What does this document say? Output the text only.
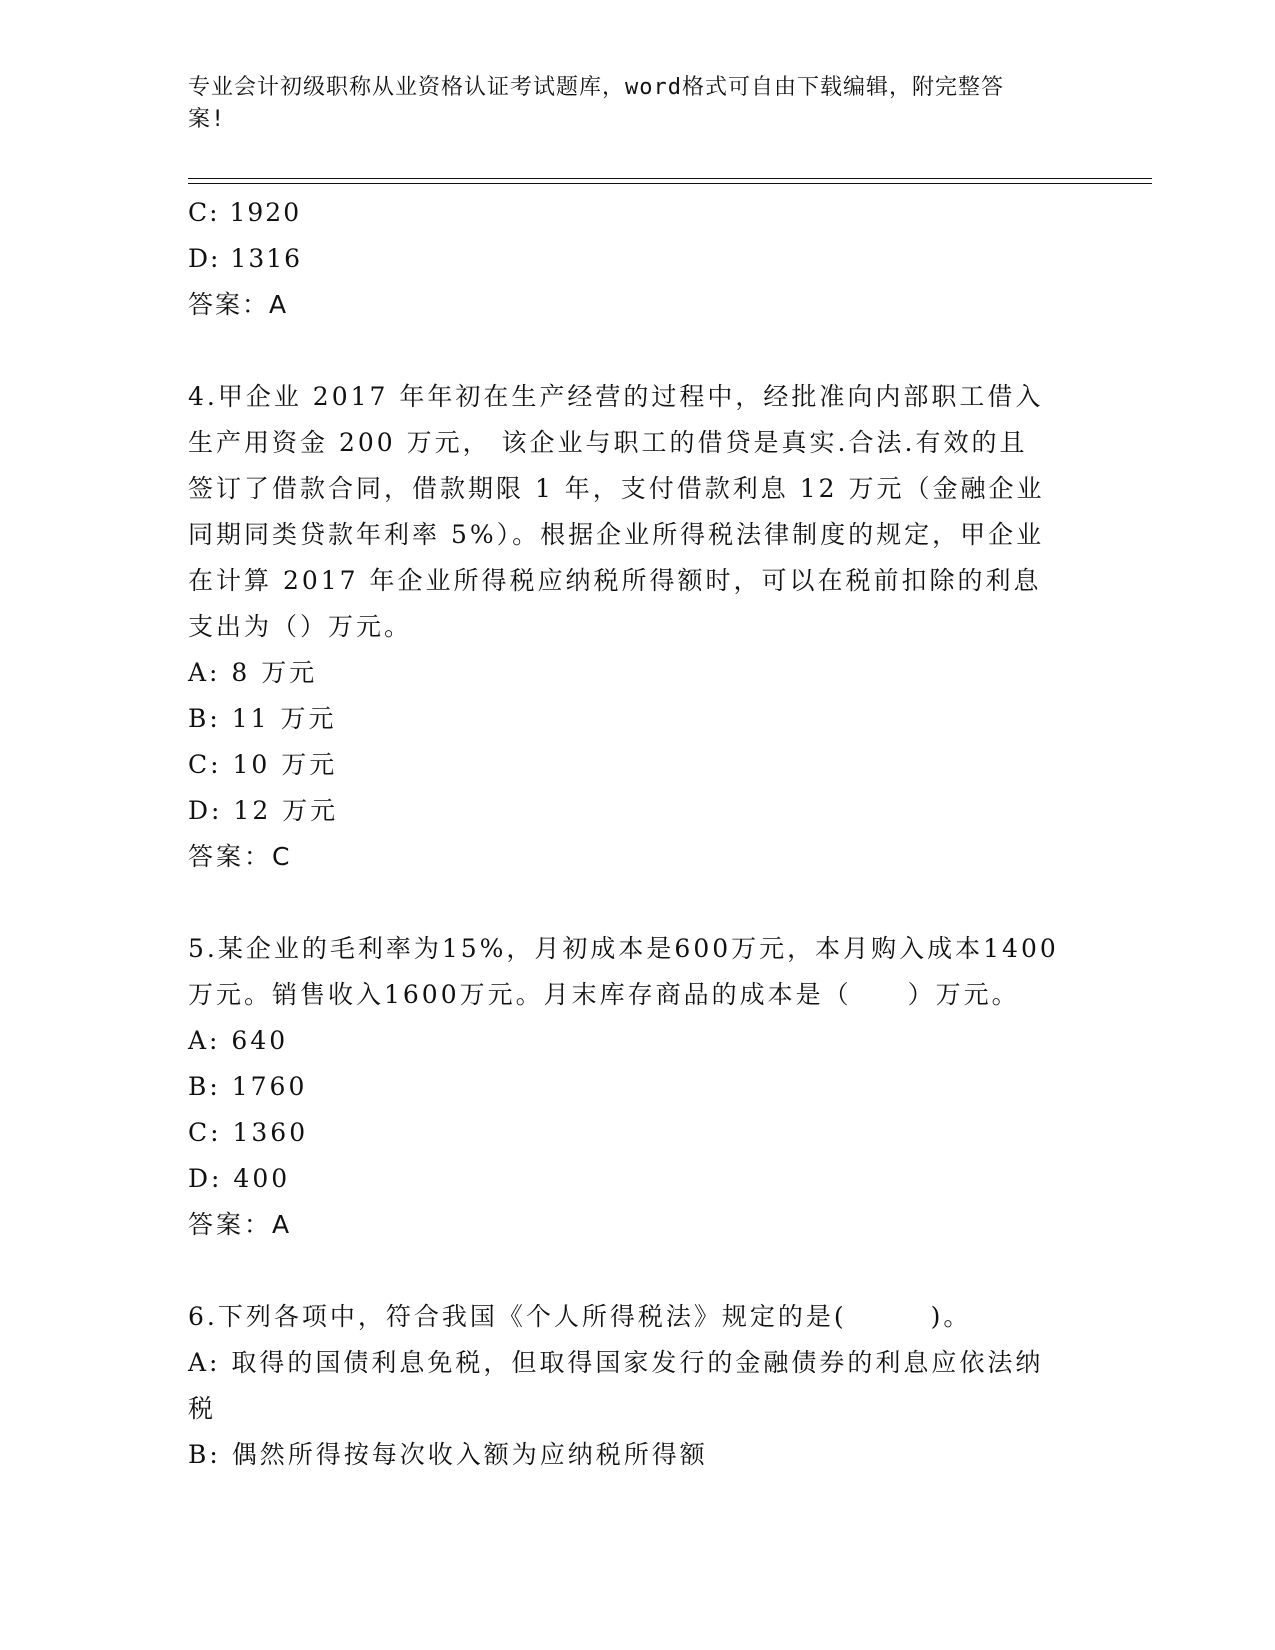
专业会计初级职称从业资格认证考试题库，word格式可自由下载编辑，附完整答
案!
C: 1920
D: 1316
答案：A
4.甲企业 2017 年年初在生产经营的过程中，经批准向内部职工借入
生产用资金 200 万元， 该企业与职工的借贷是真实.合法.有效的且
签订了借款合同，借款期限 1 年，支付借款利息 12 万元（金融企业
同期同类贷款年利率 5%）。根据企业所得税法律制度的规定，甲企业
在计算 2017 年企业所得税应纳税所得额时，可以在税前扣除的利息
支出为（）万元。
A: 8 万元
B: 11 万元
C: 10 万元
D: 12 万元
答案：C
5.某企业的毛利率为15%，月初成本是600万元，本月购入成本1400
万元。销售收入1600万元。月末库存商品的成本是（　　）万元。
A: 640
B: 1760
C: 1360
D: 400
答案：A
6.下列各项中，符合我国《个人所得税法》规定的是(　　　)。
A: 取得的国债利息免税，但取得国家发行的金融债券的利息应依法纳
税
B: 偶然所得按每次收入额为应纳税所得额
